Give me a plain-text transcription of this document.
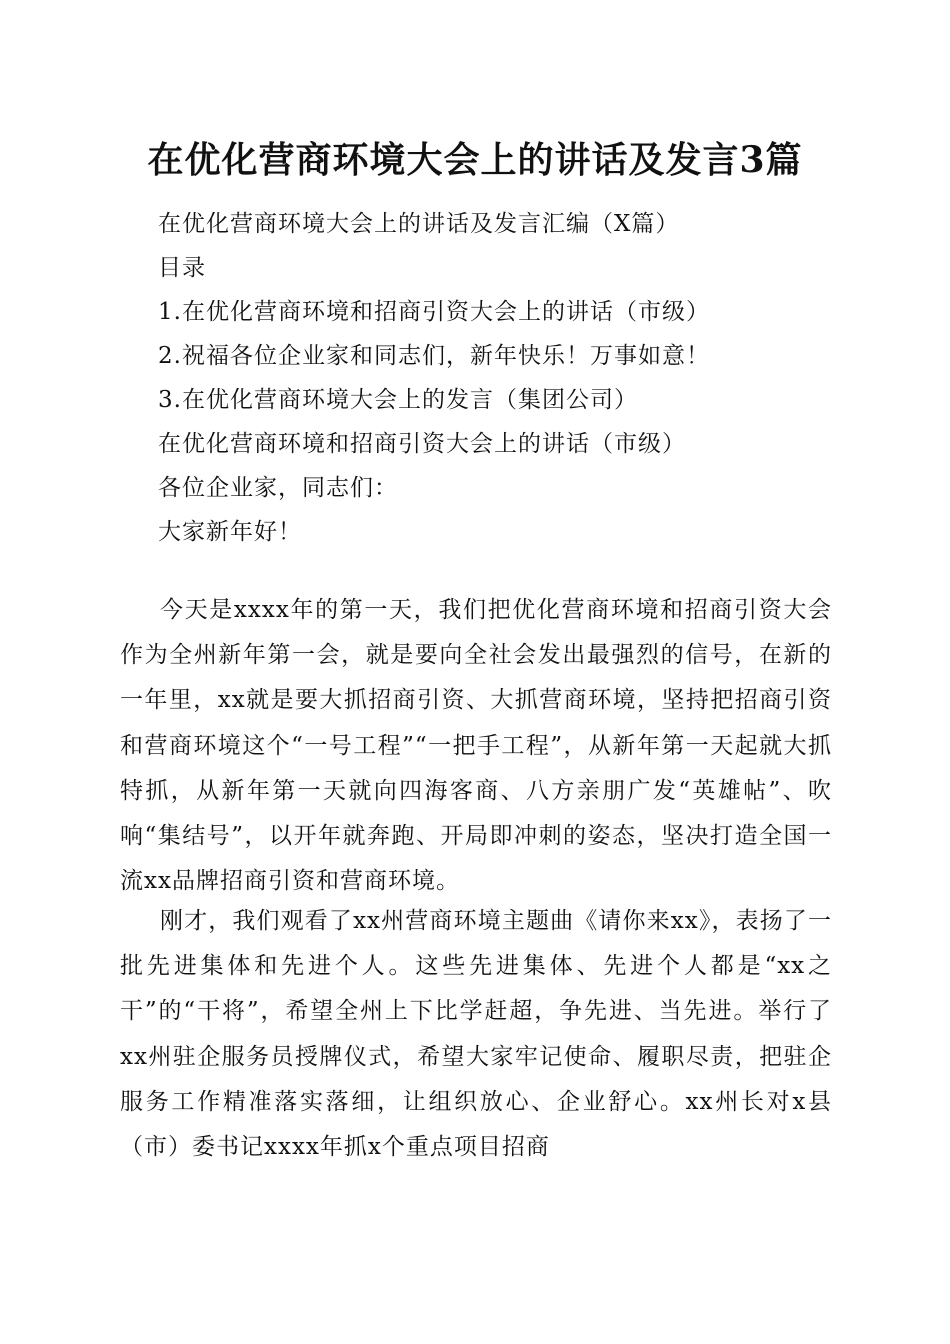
在优化营商环境大会上的讲话及发言3篇

在优化营商环境大会上的讲话及发言汇编（X篇）

目录

1.在优化营商环境和招商引资大会上的讲话（市级）

2.祝福各位企业家和同志们，新年快乐！万事如意！

3.在优化营商环境大会上的发言（集团公司）

在优化营商环境和招商引资大会上的讲话（市级）

各位企业家，同志们：

大家新年好！

今天是xxxx年的第一天，我们把优化营商环境和招商引资大会作为全州新年第一会，就是要向全社会发出最强烈的信号，在新的一年里，xx就是要大抓招商引资、大抓营商环境，坚持把招商引资和营商环境这个“一号工程”“一把手工程”，从新年第一天起就大抓特抓，从新年第一天就向四海客商、八方亲朋广发“英雄帖”、吹响“集结号”，以开年就奔跑、开局即冲刺的姿态，坚决打造全国一流xx品牌招商引资和营商环境。

刚才，我们观看了xx州营商环境主题曲《请你来xx》，表扬了一批先进集体和先进个人。这些先进集体、先进个人都是“xx之干”的“干将”，希望全州上下比学赶超，争先进、当先进。举行了xx州驻企服务员授牌仪式，希望大家牢记使命、履职尽责，把驻企服务工作精准落实落细，让组织放心、企业舒心。xx州长对x县（市）委书记xxxx年抓x个重点项目招商
